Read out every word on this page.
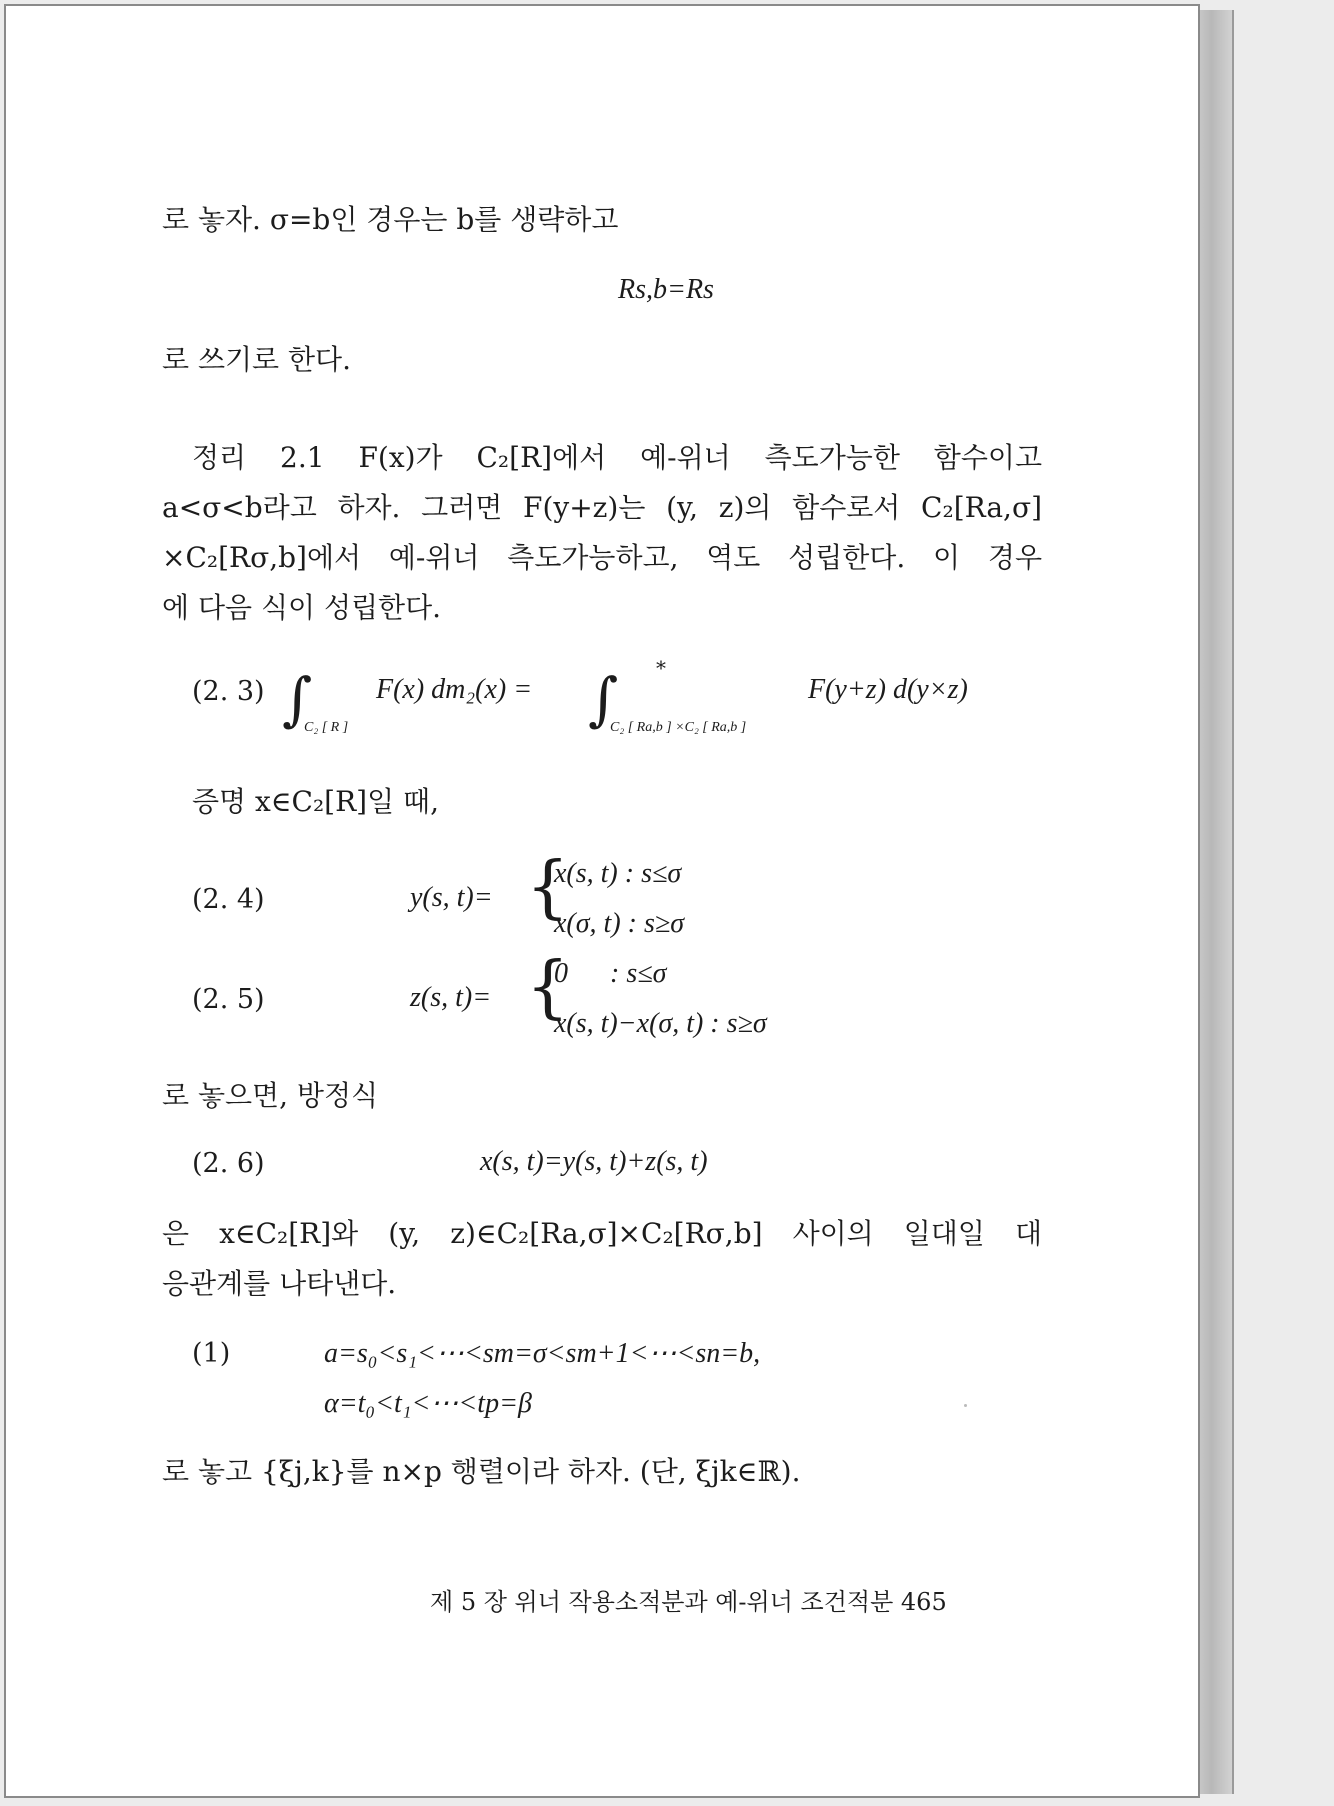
로 놓자. σ=b인 경우는 b를 생략하고
Rs,b=Rs
로 쓰기로 한다.
정리 2.1 F(x)가 C₂[R]에서 예-위너 측도가능한 함수이고
a<σ<b라고 하자. 그러면 F(y+z)는 (y, z)의 함수로서 C₂[Ra,σ]
×C₂[Rσ,b]에서 예-위너 측도가능하고, 역도 성립한다. 이 경우
에 다음 식이 성립한다.
(2. 3) ∫
C₂ [ R ]
F(x) dm₂(x) =
*
∫
C₂ [ Ra,b ] ×C₂ [ Ra,b ]
F(y+z) d(y×z)
증명 x∈C₂[R]일 때,
(2. 4)	y(s, t)= {
x(s, t) : s≤σ
x(σ, t) : s≥σ
(2. 5)	z(s, t)= {
0      : s≤σ
x(s, t)−x(σ, t) : s≥σ
로 놓으면, 방정식
(2. 6)	x(s, t)=y(s, t)+z(s, t)
은 x∈C₂[R]와 (y, z)∈C₂[Ra,σ]×C₂[Rσ,b] 사이의 일대일 대
응관계를 나타낸다.
(1)	a=s₀<s₁<⋯<sm=σ<sm+1<⋯<sn=b,
α=t₀<t₁<⋯<tp=β
로 놓고 {ξj,k}를 n×p 행렬이라 하자. (단, ξjk∈ℝ).
제 5 장 위너 작용소적분과 예-위너 조건적분 465
